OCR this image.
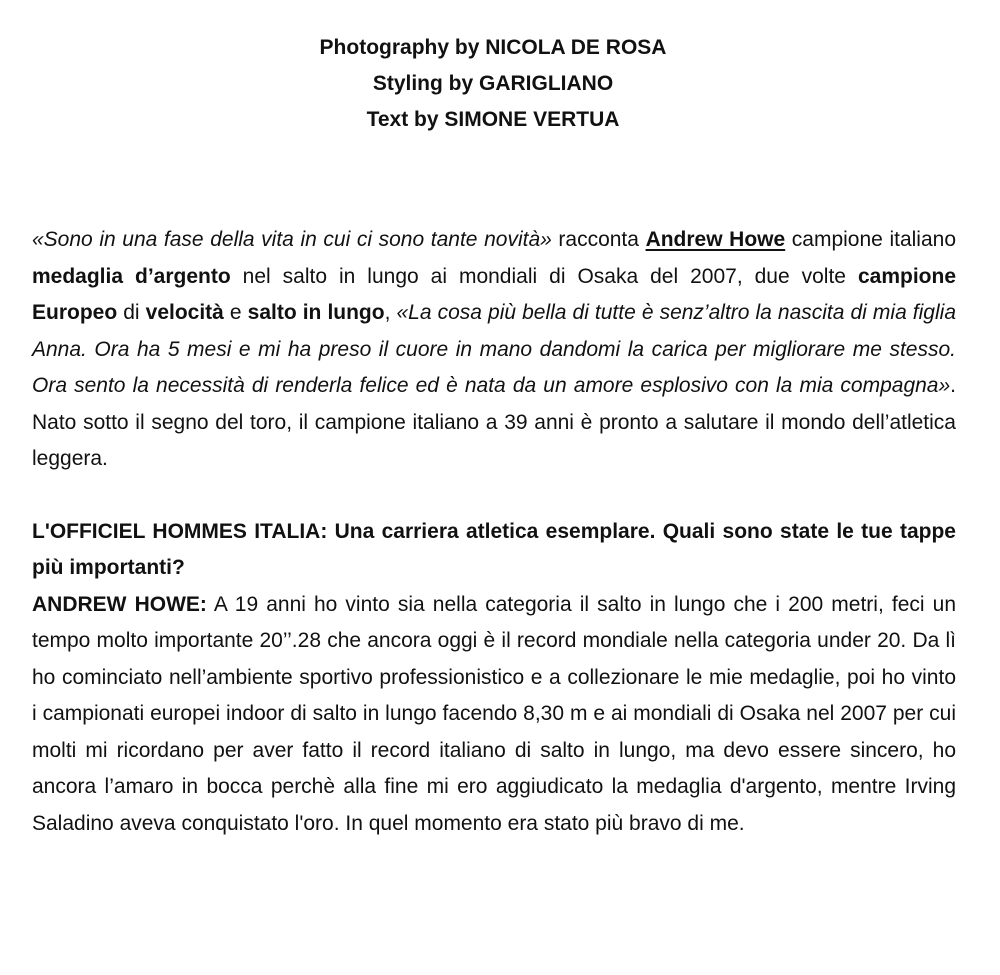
Photography by NICOLA DE ROSA
Styling by GARIGLIANO
Text by SIMONE VERTUA

«Sono in una fase della vita in cui ci sono tante novità» racconta Andrew Howe campione italiano medaglia d’argento nel salto in lungo ai mondiali di Osaka del 2007, due volte campione Europeo di velocità e salto in lungo, «La cosa più bella di tutte è senz’altro la nascita di mia figlia Anna. Ora ha 5 mesi e mi ha preso il cuore in mano dandomi la carica per migliorare me stesso. Ora sento la necessità di renderla felice ed è nata da un amore esplosivo con la mia compagna». Nato sotto il segno del toro, il campione italiano a 39 anni è pronto a salutare il mondo dell’atletica leggera.

L'OFFICIEL HOMMES ITALIA: Una carriera atletica esemplare. Quali sono state le tue tappe più importanti?

ANDREW HOWE: A 19 anni ho vinto sia nella categoria il salto in lungo che i 200 metri, feci un tempo molto importante 20’’.28 che ancora oggi è il record mondiale nella categoria under 20. Da lì ho cominciato nell’ambiente sportivo professionistico e a collezionare le mie medaglie, poi ho vinto i campionati europei indoor di salto in lungo facendo 8,30 m e ai mondiali di Osaka nel 2007 per cui molti mi ricordano per aver fatto il record italiano di salto in lungo, ma devo essere sincero, ho ancora l’amaro in bocca perchè alla fine mi ero aggiudicato la medaglia d'argento, mentre Irving Saladino aveva conquistato l'oro. In quel momento era stato più bravo di me.
